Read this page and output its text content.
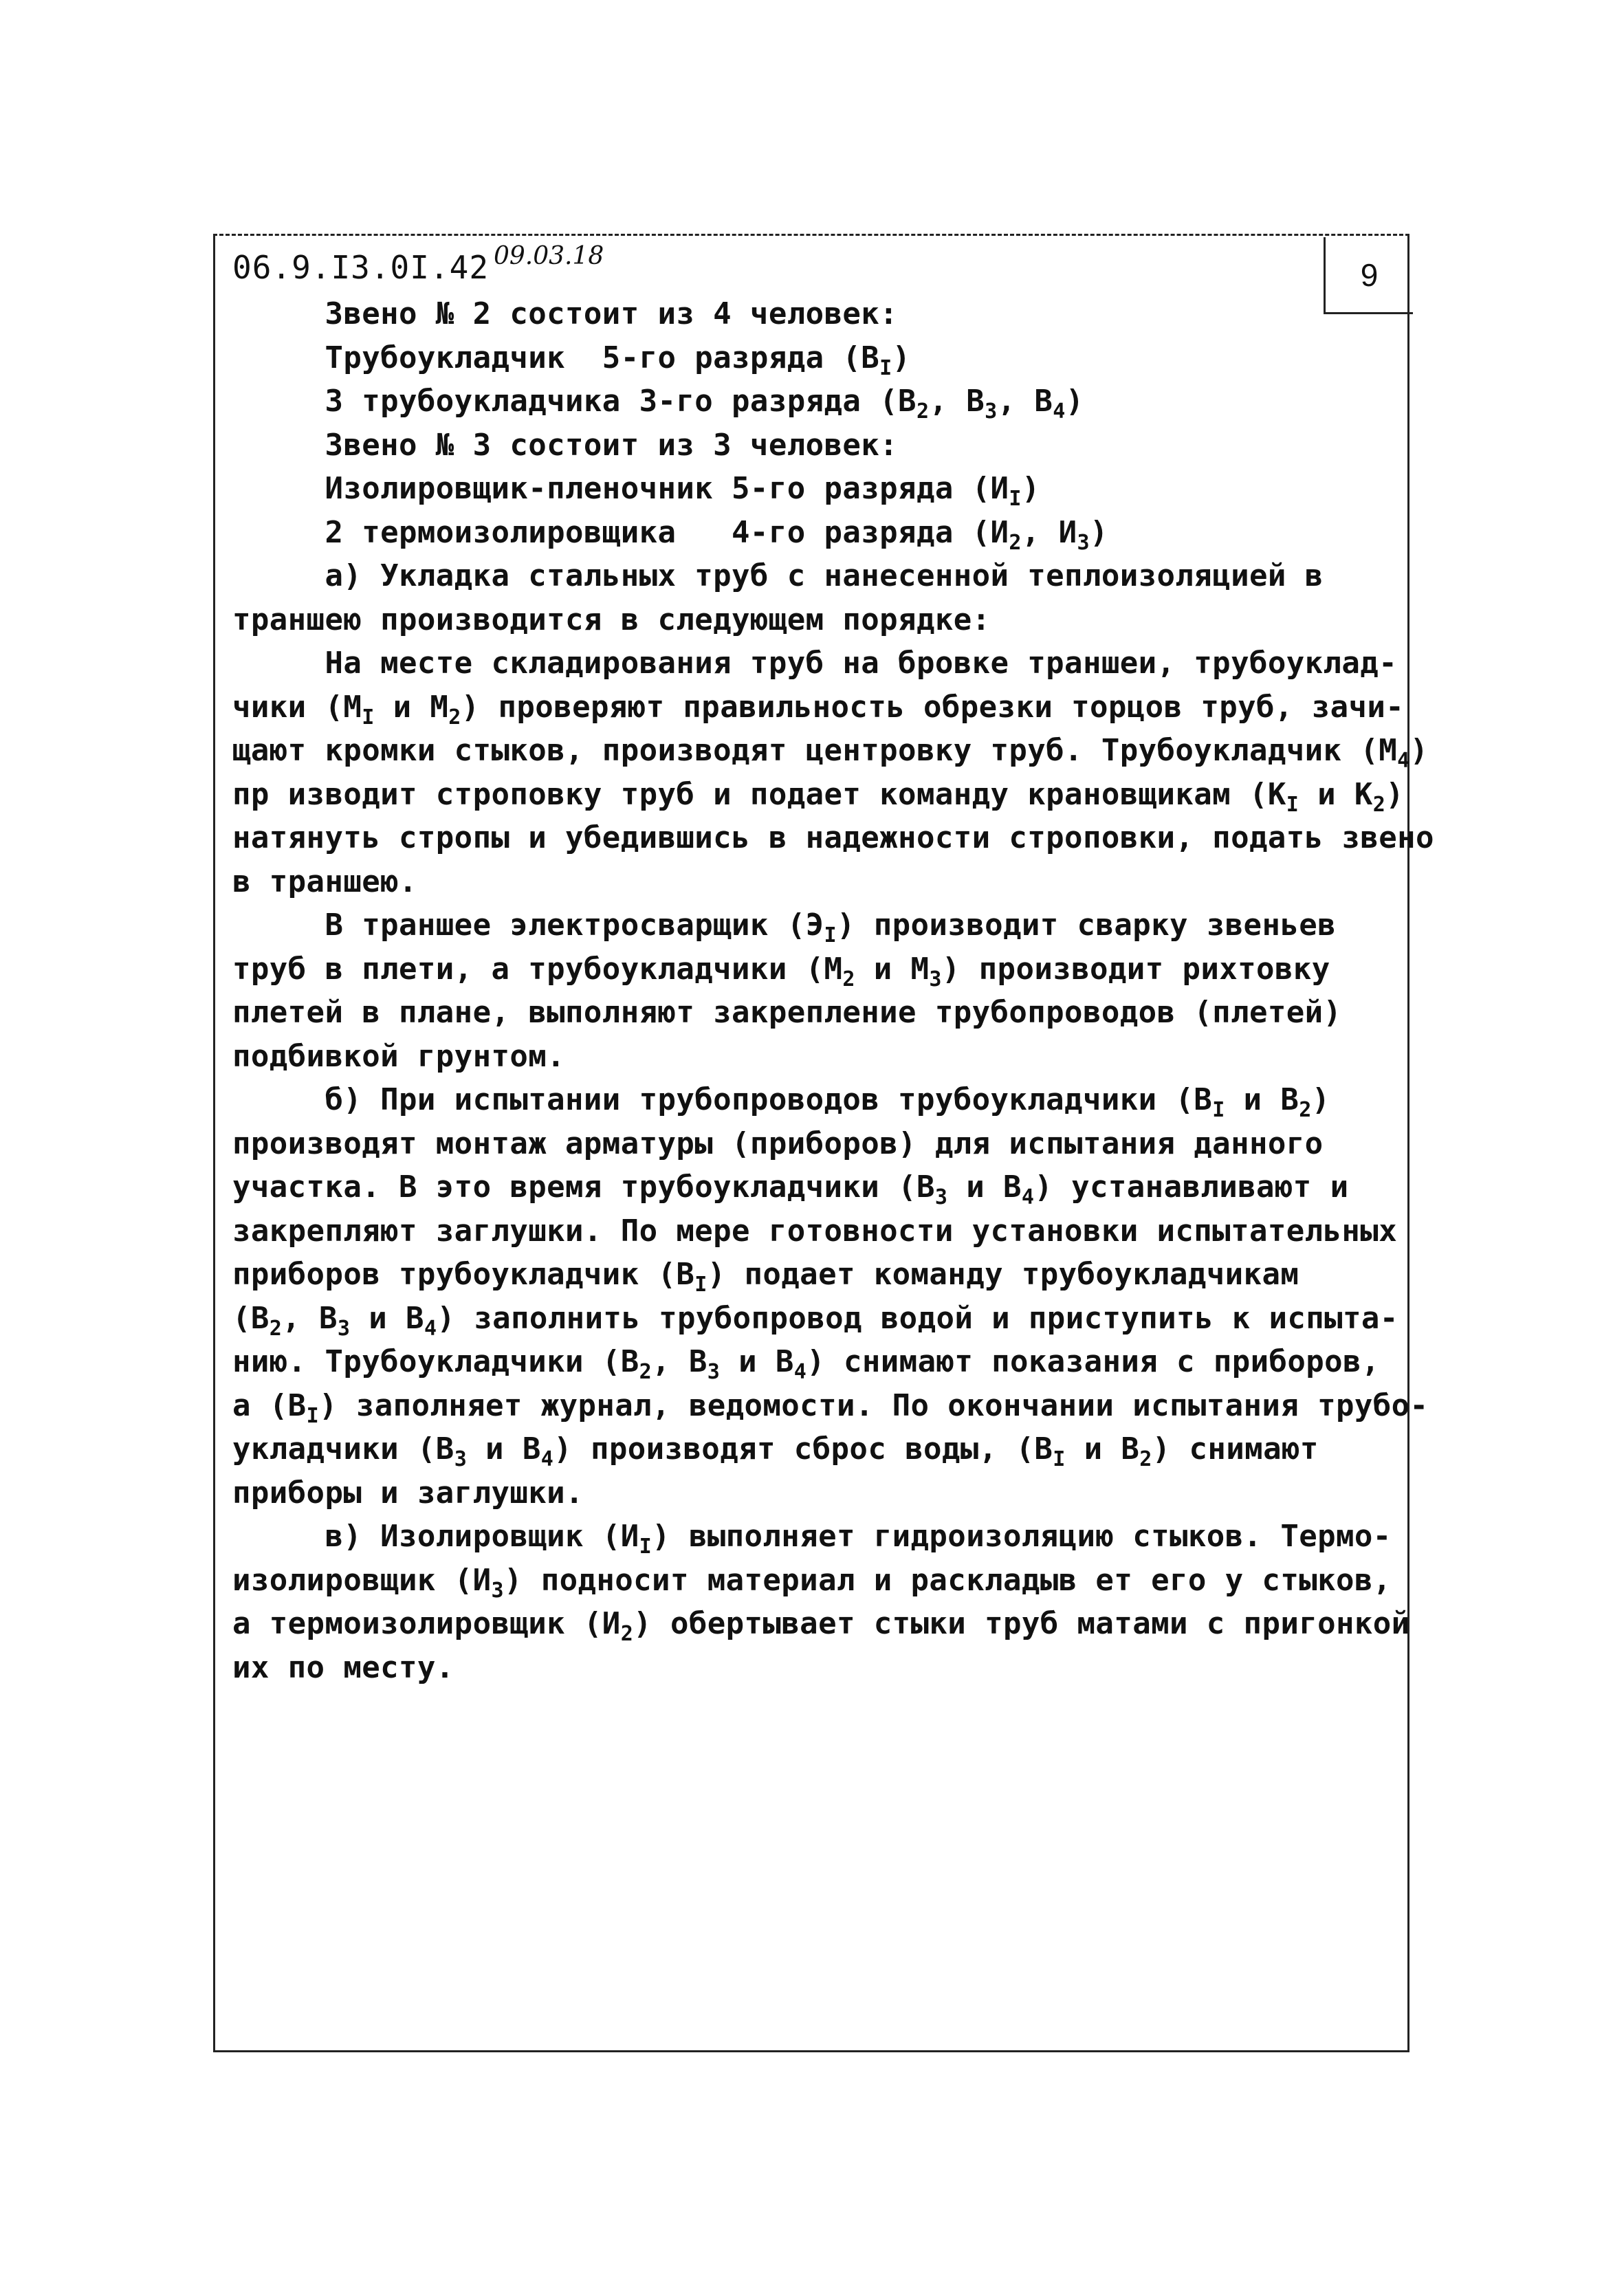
06.9.I3.0I.42 09.03.18
9
Звено № 2 состоит из 4 человек:
Трубоукладчик  5-го разряда $(В_I)$
3 трубоукладчика 3-го разряда ($В_2$, $В_3$, $В_4$)
Звено № 3 состоит из 3 человек:
Изолировщик-пленочник 5-го разряда $(И_I)$
2 термоизолировщика   4-го разряда ($И_2$, $И_3$)
а) Укладка стальных труб с нанесенной теплоизоляцией в
траншею производится в следующем порядке:
На месте складирования труб на бровке траншеи, трубоуклад-
чики ($М_I$ и $М_2$) проверяют правильность обрезки торцов труб, зачи-
щают кромки стыков, производят центровку труб. Трубоукладчик $(М_4)$
пр изводит строповку труб и подает команду крановщикам ($К_I$ и $К_2$)
натянуть стропы и убедившись в надежности строповки, подать звено
в траншею.
В траншее электросварщик $(Э_I)$ производит сварку звеньев
труб в плети, а трубоукладчики ($М_2$ и $М_3$) производит рихтовку
плетей в плане, выполняют закрепление трубопроводов (плетей)
подбивкой грунтом.
б) При испытании трубопроводов трубоукладчики ($В_I$ и $В_2$)
производят монтаж арматуры (приборов) для испытания данного
участка. В это время трубоукладчики ($В_3$ и $В_4$) устанавливают и
закрепляют заглушки. По мере готовности установки испытательных
приборов трубоукладчик $(В_I)$ подает команду трубоукладчикам
($В_2$, $В_3$ и $В_4$) заполнить трубопровод водой и приступить к испыта-
нию. Трубоукладчики ($В_2$, $В_3$ и $В_4$) снимают показания с приборов,
а $(В_I)$ заполняет журнал, ведомости. По окончании испытания трубо-
укладчики ($В_3$ и $В_4$) производят сброс воды, ($В_I$ и $В_2$) снимают
приборы и заглушки.
в) Изолировщик $(И_I)$ выполняет гидроизоляцию стыков. Термо-
изолировщик $(И_3)$ подносит материал и раскладыв ет его у стыков,
а термоизолировщик $(И_2)$ обертывает стыки труб матами с пригонкой
их по месту.
